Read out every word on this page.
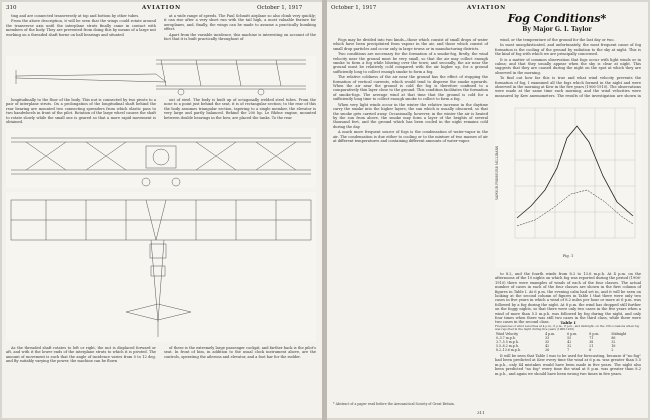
310	AVIATION	October 1, 1917

ting and are connected transversely at top and bottom by other tubes.

From the above description, it will be seen that the wings could rotate around the transverse axis until the interplane struts finally came in contact with members of the body. They are prevented from doing this by means of a large nut working on a threaded shaft borne on ball bearings and situated

at a wide range of speeds. The Paul Schmitt airplane so also climb very quickly; it can rise after a very short run with the tail high, a most valuable feature for aeroplanes, and, finally, the wings can be made to assume a practically bombing effect.

Apart from the variable incidence, this machine is interesting on account of the fact that it is built practically throughout of

longitudinally to the floor of the body. This nut is connected by two pivots to a pair of interplane struts. On a prolongation of the longitudinal shaft behind the rear bearing are mounted two connecting spreaders from which elastic pass to two handwheels in front of the pilot. Rotation of the large wheel causes the shaft to rotate slowly while the small one is geared so that a more rapid movement is obtained.

out of steel. The body is built up of octagonally welded steel tubes. From the nose to a point just behind the seat, it is of rectangular section; to the rear of this the body assumes triangular section, tapering to a single member, the elevator is very large and partly balanced. Behind the 200 hp. Le Rhône engine, mounted between double bearings in the bow, are placed the tanks. To the rear

As the threaded shaft rotates to left or right, the nut is displaced forward or aft, and with it the lower ends of the interplane struts to which it is pivoted. The amount of movement is such that the angle of incidence varies from 0 to 12 deg. and By suitably varying the power, the machine can be flown

of these is the extremely large passenger cockpit, and farther back is the pilot's seat. In front of him, in addition to the usual clock instrument above, are the controls, operating the ailerons and elevator, and a foot bar for the rudder.

October 1, 1917	AVIATION
Fog Conditions*
By Major G. I. Taylor

Fogs may be divided into two kinds—those which consist of small drops of water which have been precipitated from vapour in the air, and those which consist of small drop particles and occur only in large towns or in manufacturing districts.

Two conditions are necessary for the formation of a smoke-fog, firstly, the wind velocity near the ground must be very small, so that the air may collect enough smoke to form a fog while blowing over the town; and secondly, the air near the ground must be relatively cold compared with the air higher up, for a ground sufficiently long to collect enough smoke to form a fog.

The relative coldness of the air near the ground has the effect of stopping the formation of vertical currents, which would tend to disperse the smoke upwards. When the air near the ground is cold the fog is therefore confined to a comparatively thin layer close to the ground. This condition facilitates the formation of smoke-fogs. The average wind at that time that the ground is cold for a sufficiently long time to collect enough smoke to collect to form a fog.

When very light winds occur in the winter the relative increase in the daytime carry the smoke into the higher layers, the sun which is usually obscured, so that the smoke gets carried away. Occasionally, however, in the winter the air is heated by the sun from above, the smoke may form a layer of the heights of several thousand feet, and the ground which has been cooled in the night remains cold during the day.

A much more frequent source of fogs is the condensation of water-vapor in the air. The condensation is due either to cooling or to the mixture of two masses of air at different temperatures and containing different amounts of water-vapor.

wind, or the temperature of the ground for the last day or two.

In most unsophisticated, and unfortunately, the most frequent cause of fog formation is the cooling of the ground by radiation to the sky at night. This is the kind of fog with which we are principally concerned.

It is a matter of common observation that fogs occur with light winds or in calms; and that they usually appear when the sky is clear at night. This suggests that they are caused during the night on the spot at which they are observed in the morning.

To find out how far this is true and what wind velocity prevents the formation of fog, I examined all the fogs which formed in the night and were observed in the morning at Kew in the five years (1906-1910). The observations were made at the same time each morning, and the wind velocities were measured by Kew anemometers. The results of the investigation are shown in

VAPOUR PRESSURE MILLIBARS
Fig. 1

to 8.2, and the fourth winds from 8.2 to 13.6 m.p.h. At 4 p.m. on the afternoons of the 10 nights on which fog was reported during the period (1906-1910) there were examples of winds of each of the four classes. The actual number of cases in each of the four classes are shown in the first column of figures in Table I. At 6 p.m. the evening calm had set in, and it will be seen on looking at the second column of figures in Table I that there were only two cases in five years in which a wind of 8.2 miles per hour or more at 6 p.m. was followed by a fog during the night. At 8 p.m. the wind has dropped still further on the foggy nights, so that there were only two cases in the five years when a wind of more than 5.5 m.p.h. was followed by fog during the night, and only four times when there was still two cases in the third class, while there were two cases in the second class.	Table I
Frequencies of wind velocities at 4 p.m., 6 p.m., 8 p.m., and midnight, on the 136 occasions when fog was reported in the night during five years (1906-1910)
Wind Velocity	4 p.m.	6 p.m.	8 p.m.	Midnight
0–3.7 m.p.h.	33	55	71	86
3.7–5.5 m.p.h.	35	42	38	32
5.5–8.2 m.p.h.	42	32	21	16
8.2–13.6 m.p.h.	26	7	6	2

It will be seen that Table I was to be used for forecasting, because if "no fog" had been predicted at Kew every time the wind at 6 p.m. was greater than 5.5 m.p.h., only 44 mistakes would have been made in five years. The night also been predicted "no fog" every time the wind at 8 p.m. was greater than 8.2 m.p.h., and again we should have been wrong two times in five years.

* Abstract of a paper read before the Aeronautical Society of Great Britain.
311
